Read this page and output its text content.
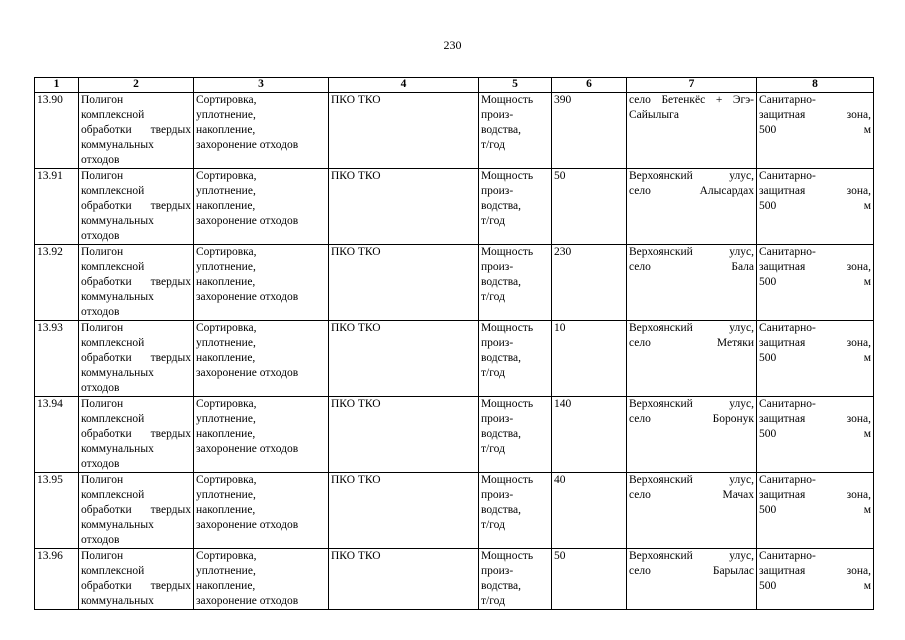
230
1	2	3	4	5	6	7	8
13.90	Полигон
комплексной
обработки твердых
коммунальных
отходов	Сортировка,
уплотнение,
накопление,
захоронение отходов	ПКО ТКО	Мощность
произ-
водства,
т/год	390	село Бетенкёс + Эгэ-
Сайылыга	Санитарно-
защитная зона,
500 м

13.91	Полигон
комплексной
обработки твердых
коммунальных
отходов	Сортировка,
уплотнение,
накопление,
захоронение отходов	ПКО ТКО	Мощность
произ-
водства,
т/год	50	Верхоянский улус,
село Алысардах	Санитарно-
защитная зона,
500 м

13.92	Полигон
комплексной
обработки твердых
коммунальных
отходов	Сортировка,
уплотнение,
накоплeние,
захоронение отходов	ПКО ТКО	Мощность
произ-
водства,
т/год	230	Верхоянский улус,
село Бала	Санитарно-
защитная зона,
500 м

13.93	Полигон
комплексной
обработки твердых
коммунальных
отходов	Сортировка,
уплотнение,
накопление,
захоронение отходов	ПКО ТКО	Мощность
произ-
водства,
т/год	10	Верхоянский улус,
село Метяки	Санитарно-
защитная зона,
500 м

13.94	Полигон
комплексной
обработки твердых
коммунальных
отходов	Сортировка,
уплотнение,
накопление,
захоронение отходов	ПКО ТКО	Мощность
произ-
водства,
т/год	140	Верхоянский улус,
село Боронук	Санитарно-
защитная зона,
500 м

13.95	Полигон
комплексной
обработки твердых
коммунальных
отходов	Сортировка,
уплотнение,
накопление,
захоронение отходов	ПКО ТКО	Мощность
произ-
водства,
т/год	40	Верхоянский улус,
село Мачах	Санитарно-
защитная зона,
500 м

13.96	Полигон
комплексной
обработки твердых
коммунальных	Сортировка,
уплотнение,
накопление,
захоронение отходов	ПКО ТКО	Мощность
произ-
водства,
т/год	50	Верхоянский улус,
село Барылас	Санитарно-
защитная зона,
500 м
